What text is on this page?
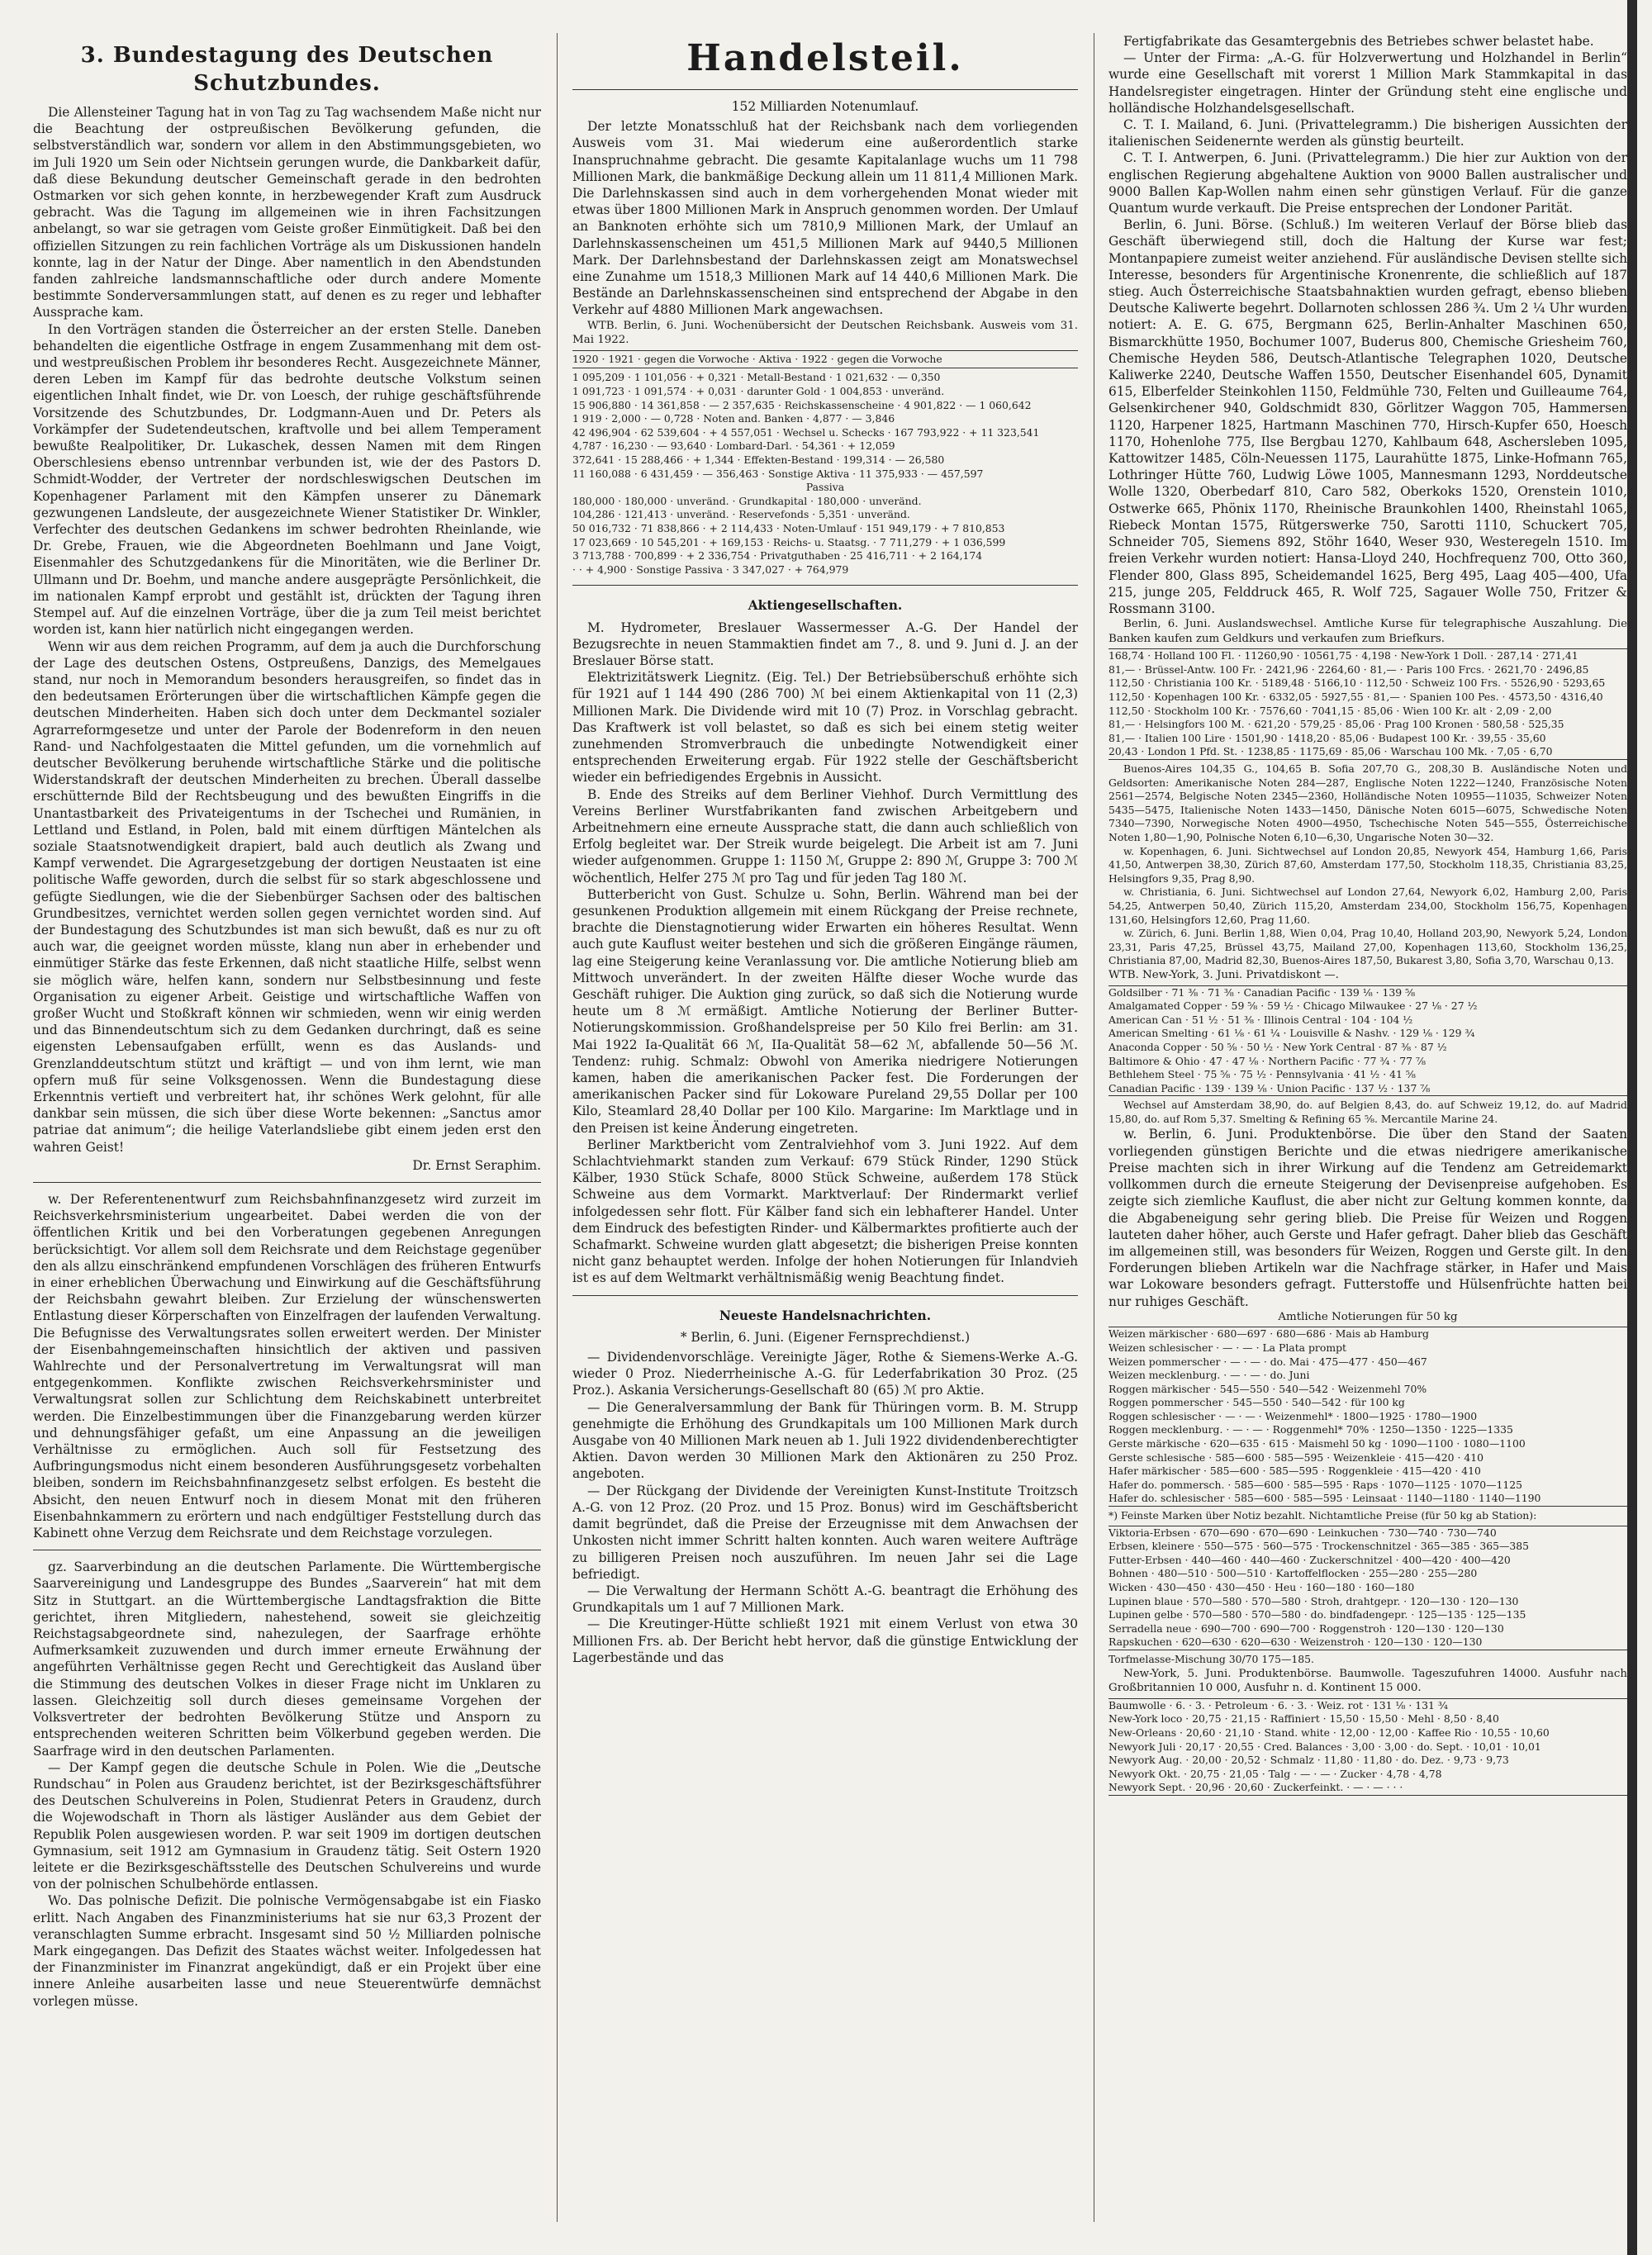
3. Bundestagung des Deutschen Schutzbundes.

Die Allensteiner Tagung hat in von Tag zu Tag wachsendem Maße nicht nur die Beachtung der ostpreußischen Bevölkerung gefunden, die selbstverständlich war, sondern vor allem in den Abstimmungsgebieten, wo im Juli 1920 um Sein oder Nichtsein gerungen wurde, die Dankbarkeit dafür, daß diese Bekundung deutscher Gemeinschaft gerade in den bedrohten Ostmarken vor sich gehen konnte, in herzbewegender Kraft zum Ausdruck gebracht. Was die Tagung im allgemeinen wie in ihren Fachsitzungen anbelangt, so war sie getragen vom Geiste großer Einmütigkeit. Daß bei den offiziellen Sitzungen zu rein fachlichen Vorträge als um Diskussionen handeln konnte, lag in der Natur der Dinge. Aber namentlich in den Abendstunden fanden zahlreiche landsmannschaftliche oder durch andere Momente bestimmte Sonderversammlungen statt, auf denen es zu reger und lebhafter Aussprache kam.

In den Vorträgen standen die Österreicher an der ersten Stelle. Daneben behandelten die eigentliche Ostfrage in engem Zusammenhang mit dem ost- und westpreußischen Problem ihr besonderes Recht. Ausgezeichnete Männer, deren Leben im Kampf für das bedrohte deutsche Volkstum seinen eigentlichen Inhalt findet, wie Dr. von Loesch, der ruhige geschäftsführende Vorsitzende des Schutzbundes, Dr. Lodgmann-Auen und Dr. Peters als Vorkämpfer der Sudetendeutschen, kraftvolle und bei allem Temperament bewußte Realpolitiker, Dr. Lukaschek, dessen Namen mit dem Ringen Oberschlesiens ebenso untrennbar verbunden ist, wie der des Pastors D. Schmidt-Wodder, der Vertreter der nordschleswigschen Deutschen im Kopenhagener Parlament mit den Kämpfen unserer zu Dänemark gezwungenen Landsleute, der ausgezeichnete Wiener Statistiker Dr. Winkler, Verfechter des deutschen Gedankens im schwer bedrohten Rheinlande, wie Dr. Grebe, Frauen, wie die Abgeordneten Boehlmann und Jane Voigt, Eisenmahler des Schutzgedankens für die Minoritäten, wie die Berliner Dr. Ullmann und Dr. Boehm, und manche andere ausgeprägte Persönlichkeit, die im nationalen Kampf erprobt und gestählt ist, drückten der Tagung ihren Stempel auf. Auf die einzelnen Vorträge, über die ja zum Teil meist berichtet worden ist, kann hier natürlich nicht eingegangen werden.

Wenn wir aus dem reichen Programm, auf dem ja auch die Durchforschung der Lage des deutschen Ostens, Ostpreußens, Danzigs, des Memelgaues stand, nur noch in Memorandum besonders herausgreifen, so findet das in den bedeutsamen Erörterungen über die wirtschaftlichen Kämpfe gegen die deutschen Minderheiten. Haben sich doch unter dem Deckmantel sozialer Agrarreformgesetze und unter der Parole der Bodenreform in den neuen Rand- und Nachfolgestaaten die Mittel gefunden, um die vornehmlich auf deutscher Bevölkerung beruhende wirtschaftliche Stärke und die politische Widerstandskraft der deutschen Minderheiten zu brechen. Überall dasselbe erschütternde Bild der Rechtsbeugung und des bewußten Eingriffs in die Unantastbarkeit des Privateigentums in der Tschechei und Rumänien, in Lettland und Estland, in Polen, bald mit einem dürftigen Mäntelchen als soziale Staatsnotwendigkeit drapiert, bald auch deutlich als Zwang und Kampf verwendet. Die Agrargesetzgebung der dortigen Neustaaten ist eine politische Waffe geworden, durch die selbst für so stark abgeschlossene und gefügte Siedlungen, wie die der Siebenbürger Sachsen oder des baltischen Grundbesitzes, vernichtet werden sollen gegen vernichtet worden sind. Auf der Bundestagung des Schutzbundes ist man sich bewußt, daß es nur zu oft auch war, die geeignet worden müsste, klang nun aber in erhebender und einmütiger Stärke das feste Erkennen, daß nicht staatliche Hilfe, selbst wenn sie möglich wäre, helfen kann, sondern nur Selbstbesinnung und feste Organisation zu eigener Arbeit. Geistige und wirtschaftliche Waffen von großer Wucht und Stoßkraft können wir schmieden, wenn wir einig werden und das Binnendeutschtum sich zu dem Gedanken durchringt, daß es seine eigensten Lebensaufgaben erfüllt, wenn es das Auslands- und Grenzlanddeutschtum stützt und kräftigt — und von ihm lernt, wie man opfern muß für seine Volksgenossen. Wenn die Bundestagung diese Erkenntnis vertieft und verbreitert hat, ihr schönes Werk gelohnt, für alle dankbar sein müssen, die sich über diese Worte bekennen: „Sanctus amor patriae dat animum“; die heilige Vaterlandsliebe gibt einem jeden erst den wahren Geist!

Dr. Ernst Seraphim.

w. Der Referentenentwurf zum Reichsbahnfinanzgesetz wird zurzeit im Reichsverkehrsministerium ungearbeitet. Dabei werden die von der öffentlichen Kritik und bei den Vorberatungen gegebenen Anregungen berücksichtigt. Vor allem soll dem Reichsrate und dem Reichstage gegenüber den als allzu einschränkend empfundenen Vorschlägen des früheren Entwurfs in einer erheblichen Überwachung und Einwirkung auf die Geschäftsführung der Reichsbahn gewahrt bleiben. Zur Erzielung der wünschenswerten Entlastung dieser Körperschaften von Einzelfragen der laufenden Verwaltung. Die Befugnisse des Verwaltungsrates sollen erweitert werden. Der Minister der Eisenbahngemeinschaften hinsichtlich der aktiven und passiven Wahlrechte und der Personalvertretung im Verwaltungsrat will man entgegenkommen. Konflikte zwischen Reichsverkehrsminister und Verwaltungsrat sollen zur Schlichtung dem Reichskabinett unterbreitet werden. Die Einzelbestimmungen über die Finanzgebarung werden kürzer und dehnungsfähiger gefaßt, um eine Anpassung an die jeweiligen Verhältnisse zu ermöglichen. Auch soll für Festsetzung des Aufbringungsmodus nicht einem besonderen Ausführungsgesetz vorbehalten bleiben, sondern im Reichsbahnfinanzgesetz selbst erfolgen. Es besteht die Absicht, den neuen Entwurf noch in diesem Monat mit den früheren Eisenbahnkammern zu erörtern und nach endgültiger Feststellung durch das Kabinett ohne Verzug dem Reichsrate und dem Reichstage vorzulegen.

gz. Saarverbindung an die deutschen Parlamente. Die Württembergische Saarvereinigung und Landesgruppe des Bundes „Saarverein“ hat mit dem Sitz in Stuttgart. an die Württembergische Landtagsfraktion die Bitte gerichtet, ihren Mitgliedern, nahestehend, soweit sie gleichzeitig Reichstagsabgeordnete sind, nahezulegen, der Saarfrage erhöhte Aufmerksamkeit zuzuwenden und durch immer erneute Erwähnung der angeführten Verhältnisse gegen Recht und Gerechtigkeit das Ausland über die Stimmung des deutschen Volkes in dieser Frage nicht im Unklaren zu lassen. Gleichzeitig soll durch dieses gemeinsame Vorgehen der Volksvertreter der bedrohten Bevölkerung Stütze und Ansporn zu entsprechenden weiteren Schritten beim Völkerbund gegeben werden. Die Saarfrage wird in den deutschen Parlamenten.

— Der Kampf gegen die deutsche Schule in Polen. Wie die „Deutsche Rundschau“ in Polen aus Graudenz berichtet, ist der Bezirksgeschäftsführer des Deutschen Schulvereins in Polen, Studienrat Peters in Graudenz, durch die Wojewodschaft in Thorn als lästiger Ausländer aus dem Gebiet der Republik Polen ausgewiesen worden. P. war seit 1909 im dortigen deutschen Gymnasium, seit 1912 am Gymnasium in Graudenz tätig. Seit Ostern 1920 leitete er die Bezirksgeschäftsstelle des Deutschen Schulvereins und wurde von der polnischen Schulbehörde entlassen.

Wo. Das polnische Defizit. Die polnische Vermögensabgabe ist ein Fiasko erlitt. Nach Angaben des Finanzministeriums hat sie nur 63,3 Prozent der veranschlagten Summe erbracht. Insgesamt sind 50 ½ Milliarden polnische Mark eingegangen. Das Defizit des Staates wächst weiter. Infolgedessen hat der Finanzminister im Finanzrat angekündigt, daß er ein Projekt über eine innere Anleihe ausarbeiten lasse und neue Steuerentwürfe demnächst vorlegen müsse.

Handelsteil.
152 Milliarden Notenumlauf.

Der letzte Monatsschluß hat der Reichsbank nach dem vorliegenden Ausweis vom 31. Mai wiederum eine außerordentlich starke Inanspruchnahme gebracht. Die gesamte Kapitalanlage wuchs um 11 798 Millionen Mark, die bankmäßige Deckung allein um 11 811,4 Millionen Mark. Die Darlehnskassen sind auch in dem vorhergehenden Monat wieder mit etwas über 1800 Millionen Mark in Anspruch genommen worden. Der Umlauf an Banknoten erhöhte sich um 7810,9 Millionen Mark, der Umlauf an Darlehnskassenscheinen um 451,5 Millionen Mark auf 9440,5 Millionen Mark. Der Darlehnsbestand der Darlehnskassen zeigt am Monatswechsel eine Zunahme um 1518,3 Millionen Mark auf 14 440,6 Millionen Mark. Die Bestände an Darlehnskassenscheinen sind entsprechend der Abgabe in den Verkehr auf 4880 Millionen Mark angewachsen.

WTB. Berlin, 6. Juni. Wochenübersicht der Deutschen Reichsbank. Ausweis vom 31. Mai 1922.

1920 · 1921 · gegen die Vorwoche · Aktiva · 1922 · gegen die Vorwoche
1 095,209 · 1 101,056 · + 0,321 · Metall-Bestand · 1 021,632 · — 0,350
1 091,723 · 1 091,574 · + 0,031 · darunter Gold · 1 004,853 · unveränd.
15 906,880 · 14 361,858 · — 2 357,635 · Reichskassenscheine · 4 901,822 · — 1 060,642
1 919 · 2,000 · — 0,728 · Noten and. Banken · 4,877 · — 3,846
42 496,904 · 62 539,604 · + 4 557,051 · Wechsel u. Schecks · 167 793,922 · + 11 323,541
4,787 · 16,230 · — 93,640 · Lombard-Darl. · 54,361 · + 12,059
372,641 · 15 288,466 · + 1,344 · Effekten-Bestand · 199,314 · — 26,580
11 160,088 · 6 431,459 · — 356,463 · Sonstige Aktiva · 11 375,933 · — 457,597
Passiva
180,000 · 180,000 · unveränd. · Grundkapital · 180,000 · unveränd.
104,286 · 121,413 · unveränd. · Reservefonds · 5,351 · unveränd.
50 016,732 · 71 838,866 · + 2 114,433 · Noten-Umlauf · 151 949,179 · + 7 810,853
17 023,669 · 10 545,201 · + 169,153 · Reichs- u. Staatsg. · 7 711,279 · + 1 036,599
3 713,788 · 700,899 · + 2 336,754 · Privatguthaben · 25 416,711 · + 2 164,174
· · + 4,900 · Sonstige Passiva · 3 347,027 · + 764,979
Aktiengesellschaften.

M. Hydrometer, Breslauer Wassermesser A.-G. Der Handel der Bezugsrechte in neuen Stammaktien findet am 7., 8. und 9. Juni d. J. an der Breslauer Börse statt.

Elektrizitätswerk Liegnitz. (Eig. Tel.) Der Betriebsüberschuß erhöhte sich für 1921 auf 1 144 490 (286 700) ℳ bei einem Aktienkapital von 11 (2,3) Millionen Mark. Die Dividende wird mit 10 (7) Proz. in Vorschlag gebracht. Das Kraftwerk ist voll belastet, so daß es sich bei einem stetig weiter zunehmenden Stromverbrauch die unbedingte Notwendigkeit einer entsprechenden Erweiterung ergab. Für 1922 stelle der Geschäftsbericht wieder ein befriedigendes Ergebnis in Aussicht.

B. Ende des Streiks auf dem Berliner Viehhof. Durch Vermittlung des Vereins Berliner Wurstfabrikanten fand zwischen Arbeitgebern und Arbeitnehmern eine erneute Aussprache statt, die dann auch schließlich von Erfolg begleitet war. Der Streik wurde beigelegt. Die Arbeit ist am 7. Juni wieder aufgenommen. Gruppe 1: 1150 ℳ, Gruppe 2: 890 ℳ, Gruppe 3: 700 ℳ wöchentlich, Helfer 275 ℳ pro Tag und für jeden Tag 180 ℳ.

Butterbericht von Gust. Schulze u. Sohn, Berlin. Während man bei der gesunkenen Produktion allgemein mit einem Rückgang der Preise rechnete, brachte die Dienstagnotierung wider Erwarten ein höheres Resultat. Wenn auch gute Kauflust weiter bestehen und sich die größeren Eingänge räumen, lag eine Steigerung keine Veranlassung vor. Die amtliche Notierung blieb am Mittwoch unverändert. In der zweiten Hälfte dieser Woche wurde das Geschäft ruhiger. Die Auktion ging zurück, so daß sich die Notierung wurde heute um 8 ℳ ermäßigt. Amtliche Notierung der Berliner Butter-Notierungskommission. Großhandelspreise per 50 Kilo frei Berlin: am 31. Mai 1922 Ia-Qualität 66 ℳ, IIa-Qualität 58—62 ℳ, abfallende 50—56 ℳ. Tendenz: ruhig. Schmalz: Obwohl von Amerika niedrigere Notierungen kamen, haben die amerikanischen Packer fest. Die Forderungen der amerikanischen Packer sind für Lokoware Pureland 29,55 Dollar per 100 Kilo, Steamlard 28,40 Dollar per 100 Kilo. Margarine: Im Marktlage und in den Preisen ist keine Änderung eingetreten.

Berliner Marktbericht vom Zentralviehhof vom 3. Juni 1922. Auf dem Schlachtviehmarkt standen zum Verkauf: 679 Stück Rinder, 1290 Stück Kälber, 1930 Stück Schafe, 8000 Stück Schweine, außerdem 178 Stück Schweine aus dem Vormarkt. Marktverlauf: Der Rindermarkt verlief infolgedessen sehr flott. Für Kälber fand sich ein lebhafterer Handel. Unter dem Eindruck des befestigten Rinder- und Kälbermarktes profitierte auch der Schafmarkt. Schweine wurden glatt abgesetzt; die bisherigen Preise konnten nicht ganz behauptet werden. Infolge der hohen Notierungen für Inlandvieh ist es auf dem Weltmarkt verhältnismäßig wenig Beachtung findet.

Neueste Handelsnachrichten.
* Berlin, 6. Juni. (Eigener Fernsprechdienst.)

— Dividendenvorschläge. Vereinigte Jäger, Rothe & Siemens-Werke A.-G. wieder 0 Proz. Niederrheinische A.-G. für Lederfabrikation 30 Proz. (25 Proz.). Askania Versicherungs-Gesellschaft 80 (65) ℳ pro Aktie.

— Die Generalversammlung der Bank für Thüringen vorm. B. M. Strupp genehmigte die Erhöhung des Grundkapitals um 100 Millionen Mark durch Ausgabe von 40 Millionen Mark neuen ab 1. Juli 1922 dividendenberechtigter Aktien. Davon werden 30 Millionen Mark den Aktionären zu 250 Proz. angeboten.

— Der Rückgang der Dividende der Vereinigten Kunst-Institute Troitzsch A.-G. von 12 Proz. (20 Proz. und 15 Proz. Bonus) wird im Geschäftsbericht damit begründet, daß die Preise der Erzeugnisse mit dem Anwachsen der Unkosten nicht immer Schritt halten konnten. Auch waren weitere Aufträge zu billigeren Preisen noch auszuführen. Im neuen Jahr sei die Lage befriedigt.

— Die Verwaltung der Hermann Schött A.-G. beantragt die Erhöhung des Grundkapitals um 1 auf 7 Millionen Mark.

— Die Kreutinger-Hütte schließt 1921 mit einem Verlust von etwa 30 Millionen Frs. ab. Der Bericht hebt hervor, daß die günstige Entwicklung der Lagerbestände und das

Fertigfabrikate das Gesamtergebnis des Betriebes schwer belastet habe.

— Unter der Firma: „A.-G. für Holzverwertung und Holzhandel in Berlin“ wurde eine Gesellschaft mit vorerst 1 Million Mark Stammkapital in das Handelsregister eingetragen. Hinter der Gründung steht eine englische und holländische Holzhandelsgesellschaft.

C. T. I. Mailand, 6. Juni. (Privattelegramm.) Die bisherigen Aussichten der italienischen Seidenernte werden als günstig beurteilt.

C. T. I. Antwerpen, 6. Juni. (Privattelegramm.) Die hier zur Auktion von der englischen Regierung abgehaltene Auktion von 9000 Ballen australischer und 9000 Ballen Kap-Wollen nahm einen sehr günstigen Verlauf. Für die ganze Quantum wurde verkauft. Die Preise entsprechen der Londoner Parität.

Berlin, 6. Juni. Börse. (Schluß.) Im weiteren Verlauf der Börse blieb das Geschäft überwiegend still, doch die Haltung der Kurse war fest; Montanpapiere zumeist weiter anziehend. Für ausländische Devisen stellte sich Interesse, besonders für Argentinische Kronenrente, die schließlich auf 187 stieg. Auch Österreichische Staatsbahnaktien wurden gefragt, ebenso blieben Deutsche Kaliwerte begehrt. Dollarnoten schlossen 286 ¾. Um 2 ¼ Uhr wurden notiert: A. E. G. 675, Bergmann 625, Berlin-Anhalter Maschinen 650, Bismarckhütte 1950, Bochumer 1007, Buderus 800, Chemische Griesheim 760, Chemische Heyden 586, Deutsch-Atlantische Telegraphen 1020, Deutsche Kaliwerke 2240, Deutsche Waffen 1550, Deutscher Eisenhandel 605, Dynamit 615, Elberfelder Steinkohlen 1150, Feldmühle 730, Felten und Guilleaume 764, Gelsenkirchener 940, Goldschmidt 830, Görlitzer Waggon 705, Hammersen 1120, Harpener 1825, Hartmann Maschinen 770, Hirsch-Kupfer 650, Hoesch 1170, Hohenlohe 775, Ilse Bergbau 1270, Kahlbaum 648, Aschersleben 1095, Kattowitzer 1485, Cöln-Neuessen 1175, Laurahütte 1875, Linke-Hofmann 765, Lothringer Hütte 760, Ludwig Löwe 1005, Mannesmann 1293, Norddeutsche Wolle 1320, Oberbedarf 810, Caro 582, Oberkoks 1520, Orenstein 1010, Ostwerke 665, Phönix 1170, Rheinische Braunkohlen 1400, Rheinstahl 1065, Riebeck Montan 1575, Rütgerswerke 750, Sarotti 1110, Schuckert 705, Schneider 705, Siemens 892, Stöhr 1640, Weser 930, Westeregeln 1510. Im freien Verkehr wurden notiert: Hansa-Lloyd 240, Hochfrequenz 700, Otto 360, Flender 800, Glass 895, Scheidemandel 1625, Berg 495, Laag 405—400, Ufa 215, junge 205, Felddruck 465, R. Wolf 725, Sagauer Wolle 750, Fritzer & Rossmann 3100.

Berlin, 6. Juni. Auslandswechsel. Amtliche Kurse für telegraphische Auszahlung. Die Banken kaufen zum Geldkurs und verkaufen zum Briefkurs.

168,74 · Holland 100 Fl. · 11260,90 · 10561,75 · 4,198 · New-York 1 Doll. · 287,14 · 271,41
81,— · Brüssel-Antw. 100 Fr. · 2421,96 · 2264,60 · 81,— · Paris 100 Frcs. · 2621,70 · 2496,85
112,50 · Christiania 100 Kr. · 5189,48 · 5166,10 · 112,50 · Schweiz 100 Frs. · 5526,90 · 5293,65
112,50 · Kopenhagen 100 Kr. · 6332,05 · 5927,55 · 81,— · Spanien 100 Pes. · 4573,50 · 4316,40
112,50 · Stockholm 100 Kr. · 7576,60 · 7041,15 · 85,06 · Wien 100 Kr. alt · 2,09 · 2,00
81,— · Helsingfors 100 M. · 621,20 · 579,25 · 85,06 · Prag 100 Kronen · 580,58 · 525,35
81,— · Italien 100 Lire · 1501,90 · 1418,20 · 85,06 · Budapest 100 Kr. · 39,55 · 35,60
20,43 · London 1 Pfd. St. · 1238,85 · 1175,69 · 85,06 · Warschau 100 Mk. · 7,05 · 6,70

Buenos-Aires 104,35 G., 104,65 B. Sofia 207,70 G., 208,30 B. Ausländische Noten und Geldsorten: Amerikanische Noten 284—287, Englische Noten 1222—1240, Französische Noten 2561—2574, Belgische Noten 2345—2360, Holländische Noten 10955—11035, Schweizer Noten 5435—5475, Italienische Noten 1433—1450, Dänische Noten 6015—6075, Schwedische Noten 7340—7390, Norwegische Noten 4900—4950, Tschechische Noten 545—555, Österreichische Noten 1,80—1,90, Polnische Noten 6,10—6,30, Ungarische Noten 30—32.

w. Kopenhagen, 6. Juni. Sichtwechsel auf London 20,85, Newyork 454, Hamburg 1,66, Paris 41,50, Antwerpen 38,30, Zürich 87,60, Amsterdam 177,50, Stockholm 118,35, Christiania 83,25, Helsingfors 9,35, Prag 8,90.

w. Christiania, 6. Juni. Sichtwechsel auf London 27,64, Newyork 6,02, Hamburg 2,00, Paris 54,25, Antwerpen 50,40, Zürich 115,20, Amsterdam 234,00, Stockholm 156,75, Kopenhagen 131,60, Helsingfors 12,60, Prag 11,60.

w. Zürich, 6. Juni. Berlin 1,88, Wien 0,04, Prag 10,40, Holland 203,90, Newyork 5,24, London 23,31, Paris 47,25, Brüssel 43,75, Mailand 27,00, Kopenhagen 113,60, Stockholm 136,25, Christiania 87,00, Madrid 82,30, Buenos-Aires 187,50, Bukarest 3,80, Sofia 3,70, Warschau 0,13.

WTB. New-York, 3. Juni. Privatdiskont —.
Goldsilber · 71 ⅜ · 71 ⅜ · Canadian Pacific · 139 ⅛ · 139 ⅝
Amalgamated Copper · 59 ⅝ · 59 ½ · Chicago Milwaukee · 27 ⅛ · 27 ½
American Can · 51 ½ · 51 ⅜ · Illinois Central · 104 · 104 ½
American Smelting · 61 ⅛ · 61 ¼ · Louisville & Nashv. · 129 ⅛ · 129 ¾
Anaconda Copper · 50 ⅝ · 50 ½ · New York Central · 87 ⅜ · 87 ½
Baltimore & Ohio · 47 · 47 ⅛ · Northern Pacific · 77 ¾ · 77 ⅞
Bethlehem Steel · 75 ⅝ · 75 ½ · Pennsylvania · 41 ½ · 41 ⅝
Canadian Pacific · 139 · 139 ⅛ · Union Pacific · 137 ½ · 137 ⅞

Wechsel auf Amsterdam 38,90, do. auf Belgien 8,43, do. auf Schweiz 19,12, do. auf Madrid 15,80, do. auf Rom 5,37. Smelting & Refining 65 ⅝. Mercantile Marine 24.

w. Berlin, 6. Juni. Produktenbörse. Die über den Stand der Saaten vorliegenden günstigen Berichte und die etwas niedrigere amerikanische Preise machten sich in ihrer Wirkung auf die Tendenz am Getreidemarkt vollkommen durch die erneute Steigerung der Devisenpreise aufgehoben. Es zeigte sich ziemliche Kauflust, die aber nicht zur Geltung kommen konnte, da die Abgabeneigung sehr gering blieb. Die Preise für Weizen und Roggen lauteten daher höher, auch Gerste und Hafer gefragt. Daher blieb das Geschäft im allgemeinen still, was besonders für Weizen, Roggen und Gerste gilt. In den Forderungen blieben Artikeln war die Nachfrage stärker, in Hafer und Mais war Lokoware besonders gefragt. Futterstoffe und Hülsenfrüchte hatten bei nur ruhiges Geschäft.

Amtliche Notierungen für 50 kg
Weizen märkischer · 680—697 · 680—686 · Mais ab Hamburg
Weizen schlesischer · — · — · La Plata prompt
Weizen pommerscher · — · — · do. Mai · 475—477 · 450—467
Weizen mecklenburg. · — · — · do. Juni
Roggen märkischer · 545—550 · 540—542 · Weizenmehl 70%
Roggen pommerscher · 545—550 · 540—542 · für 100 kg
Roggen schlesischer · — · — · Weizenmehl* · 1800—1925 · 1780—1900
Roggen mecklenburg. · — · — · Roggenmehl* 70% · 1250—1350 · 1225—1335
Gerste märkische · 620—635 · 615 · Maismehl 50 kg · 1090—1100 · 1080—1100
Gerste schlesische · 585—600 · 585—595 · Weizenkleie · 415—420 · 410
Hafer märkischer · 585—600 · 585—595 · Roggenkleie · 415—420 · 410
Hafer do. pommersch. · 585—600 · 585—595 · Raps · 1070—1125 · 1070—1125
Hafer do. schlesischer · 585—600 · 585—595 · Leinsaat · 1140—1180 · 1140—1190
*) Feinste Marken über Notiz bezahlt. Nichtamtliche Preise (für 50 kg ab Station):
Viktoria-Erbsen · 670—690 · 670—690 · Leinkuchen · 730—740 · 730—740
Erbsen, kleinere · 550—575 · 560—575 · Trockenschnitzel · 365—385 · 365—385
Futter-Erbsen · 440—460 · 440—460 · Zuckerschnitzel · 400—420 · 400—420
Bohnen · 480—510 · 500—510 · Kartoffelflocken · 255—280 · 255—280
Wicken · 430—450 · 430—450 · Heu · 160—180 · 160—180
Lupinen blaue · 570—580 · 570—580 · Stroh, drahtgepr. · 120—130 · 120—130
Lupinen gelbe · 570—580 · 570—580 · do. bindfadengepr. · 125—135 · 125—135
Serradella neue · 690—700 · 690—700 · Roggenstroh · 120—130 · 120—130
Rapskuchen · 620—630 · 620—630 · Weizenstroh · 120—130 · 120—130
Torfmelasse-Mischung 30/70 175—185.

New-York, 5. Juni. Produktenbörse. Baumwolle. Tageszufuhren 14000. Ausfuhr nach Großbritannien 10 000, Ausfuhr n. d. Kontinent 15 000.

Baumwolle · 6. · 3. · Petroleum · 6. · 3. · Weiz. rot · 131 ⅛ · 131 ¾
New-York loco · 20,75 · 21,15 · Raffiniert · 15,50 · 15,50 · Mehl · 8,50 · 8,40
New-Orleans · 20,60 · 21,10 · Stand. white · 12,00 · 12,00 · Kaffee Rio · 10,55 · 10,60
Newyork Juli · 20,17 · 20,55 · Cred. Balances · 3,00 · 3,00 · do. Sept. · 10,01 · 10,01
Newyork Aug. · 20,00 · 20,52 · Schmalz · 11,80 · 11,80 · do. Dez. · 9,73 · 9,73
Newyork Okt. · 20,75 · 21,05 · Talg · — · — · Zucker · 4,78 · 4,78
Newyork Sept. · 20,96 · 20,60 · Zuckerfeinkt. · — · — · · ·
